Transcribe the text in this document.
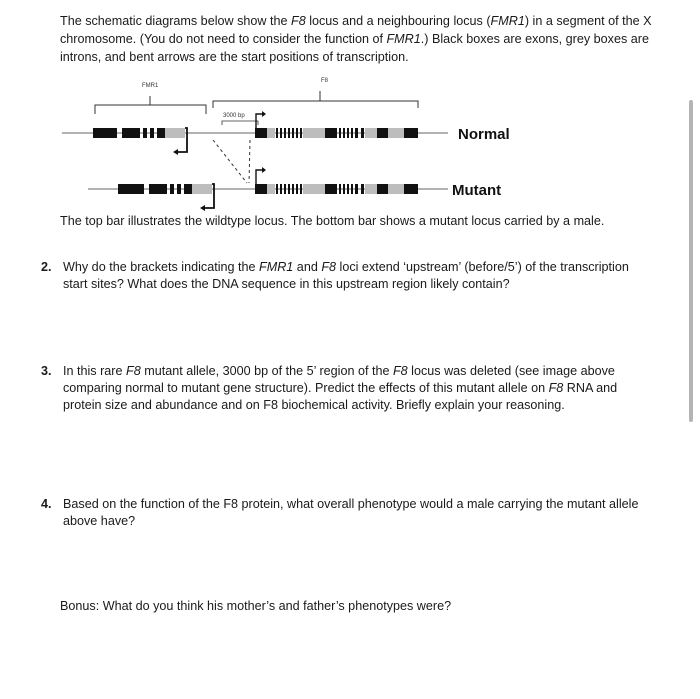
The schematic diagrams below show the F8 locus and a neighbouring locus (FMR1) in a segment of the X chromosome. (You do not need to consider the function of FMR1.) Black boxes are exons, grey boxes are introns, and bent arrows are the start positions of transcription.

FMR1
F8
3000 bp
Normal
Mutant

The top bar illustrates the wildtype locus. The bottom bar shows a mutant locus carried by a male.

2. Why do the brackets indicating the FMR1 and F8 loci extend ‘upstream’ (before/5’) of the transcription start sites? What does the DNA sequence in this upstream region likely contain?
3. In this rare F8 mutant allele, 3000 bp of the 5’ region of the F8 locus was deleted (see image above comparing normal to mutant gene structure). Predict the effects of this mutant allele on F8 RNA and protein size and abundance and on F8 biochemical activity. Briefly explain your reasoning.
4. Based on the function of the F8 protein, what overall phenotype would a male carrying the mutant allele above have?

Bonus: What do you think his mother’s and father’s phenotypes were?
